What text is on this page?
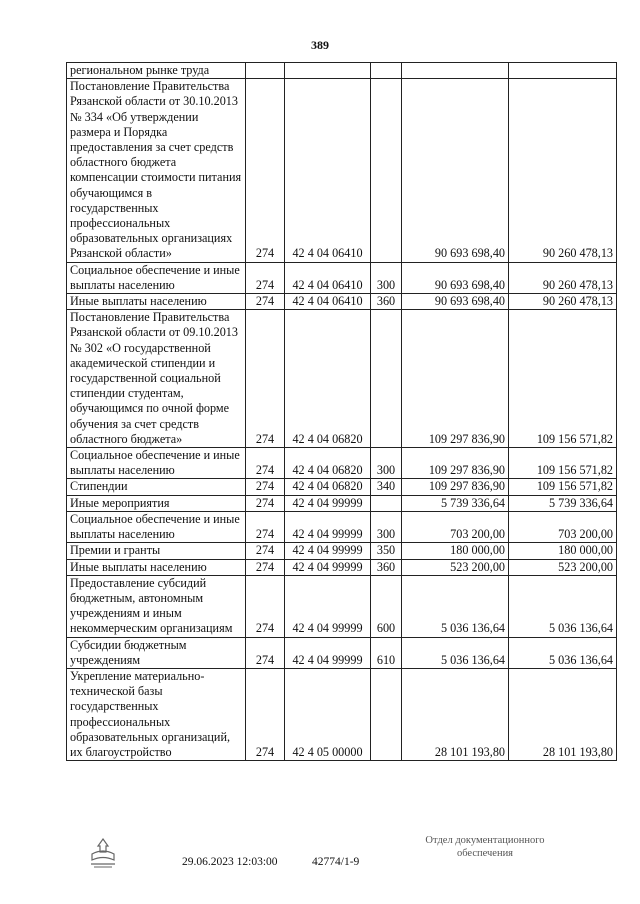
389
региональном рынке труда					
Постановление Правительства Рязанской области от 30.10.2013 № 334 «Об утверждении размера и Порядка предоставления за счет средств областного бюджета компенсации стоимости питания обучающимся в государственных профессиональных образовательных организациях Рязанской области»	274	42 4 04 06410		90 693 698,40	90 260 478,13
Социальное обеспечение и иные выплаты населению	274	42 4 04 06410	300	90 693 698,40	90 260 478,13
Иные выплаты населению	274	42 4 04 06410	360	90 693 698,40	90 260 478,13
Постановление Правительства Рязанской области от 09.10.2013 № 302 «О государственной академической стипендии и государственной социальной стипендии студентам, обучающимся по очной форме обучения за счет средств областного бюджета»	274	42 4 04 06820		109 297 836,90	109 156 571,82
Социальное обеспечение и иные выплаты населению	274	42 4 04 06820	300	109 297 836,90	109 156 571,82
Стипендии	274	42 4 04 06820	340	109 297 836,90	109 156 571,82
Иные мероприятия	274	42 4 04 99999		5 739 336,64	5 739 336,64
Социальное обеспечение и иные выплаты населению	274	42 4 04 99999	300	703 200,00	703 200,00
Премии и гранты	274	42 4 04 99999	350	180 000,00	180 000,00
Иные выплаты населению	274	42 4 04 99999	360	523 200,00	523 200,00
Предоставление субсидий бюджетным, автономным учреждениям и иным некоммерческим организациям	274	42 4 04 99999	600	5 036 136,64	5 036 136,64
Субсидии бюджетным учреждениям	274	42 4 04 99999	610	5 036 136,64	5 036 136,64
Укрепление материально-технической базы государственных профессиональных образовательных организаций, их благоустройство	274	42 4 05 00000		28 101 193,80	28 101 193,80
29.06.2023 12:03:00	42774/1-9
Отдел документационного
обеспечения
